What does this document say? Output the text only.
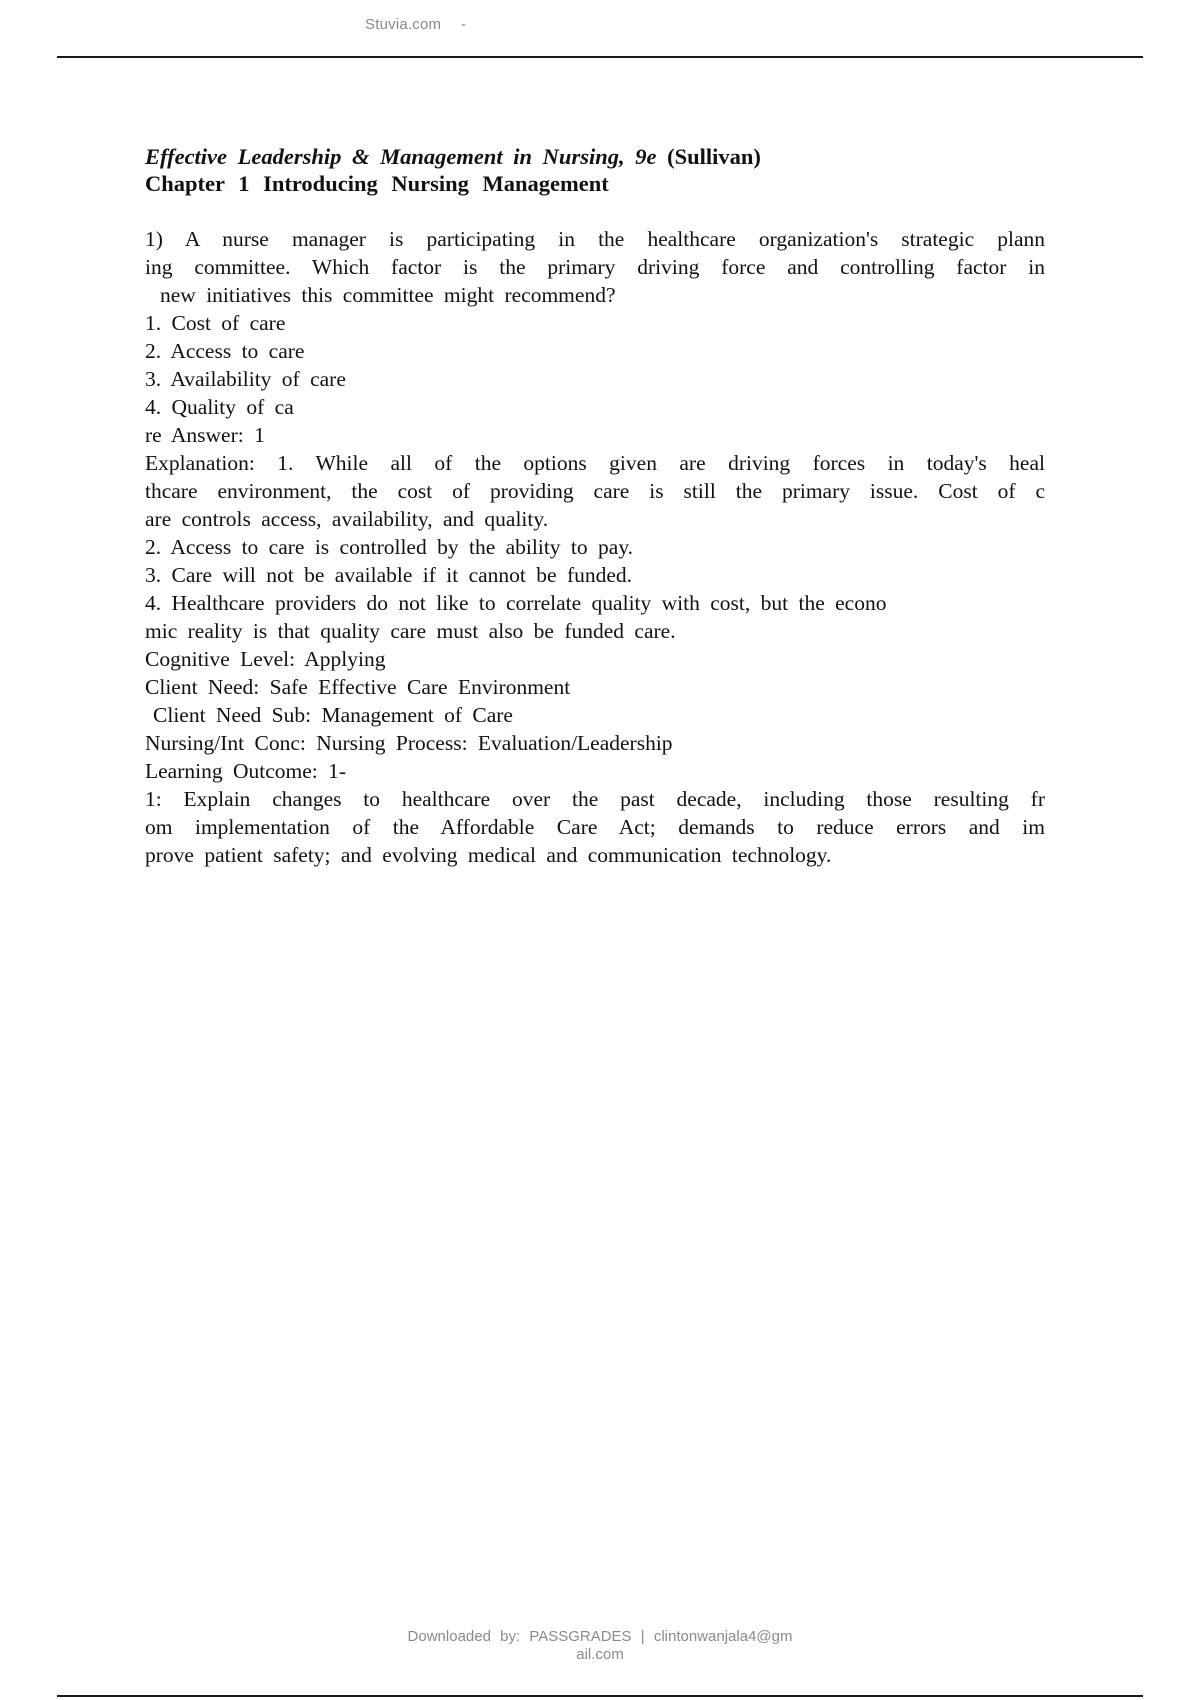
Stuvia.com -
Effective Leadership & Management in Nursing, 9e (Sullivan)
Chapter 1 Introducing Nursing Management
1) A nurse manager is participating in the healthcare organization's strategic plann
ing committee. Which factor is the primary driving force and controlling factor in
new initiatives this committee might recommend?
1. Cost of care
2. Access to care
3. Availability of care
4. Quality of ca
re Answer: 1
Explanation: 1. While all of the options given are driving forces in today's heal
thcare environment, the cost of providing care is still the primary issue. Cost of c
are controls access, availability, and quality.
2. Access to care is controlled by the ability to pay.
3. Care will not be available if it cannot be funded.
4. Healthcare providers do not like to correlate quality with cost, but the econo
mic reality is that quality care must also be funded care.
Cognitive Level: Applying
Client Need: Safe Effective Care Environment
Client Need Sub: Management of Care
Nursing/Int Conc: Nursing Process: Evaluation/Leadership
Learning Outcome: 1-
1: Explain changes to healthcare over the past decade, including those resulting fr
om implementation of the Affordable Care Act; demands to reduce errors and im
prove patient safety; and evolving medical and communication technology.
Downloaded by: PASSGRADES | clintonwanjala4@gm
ail.com
